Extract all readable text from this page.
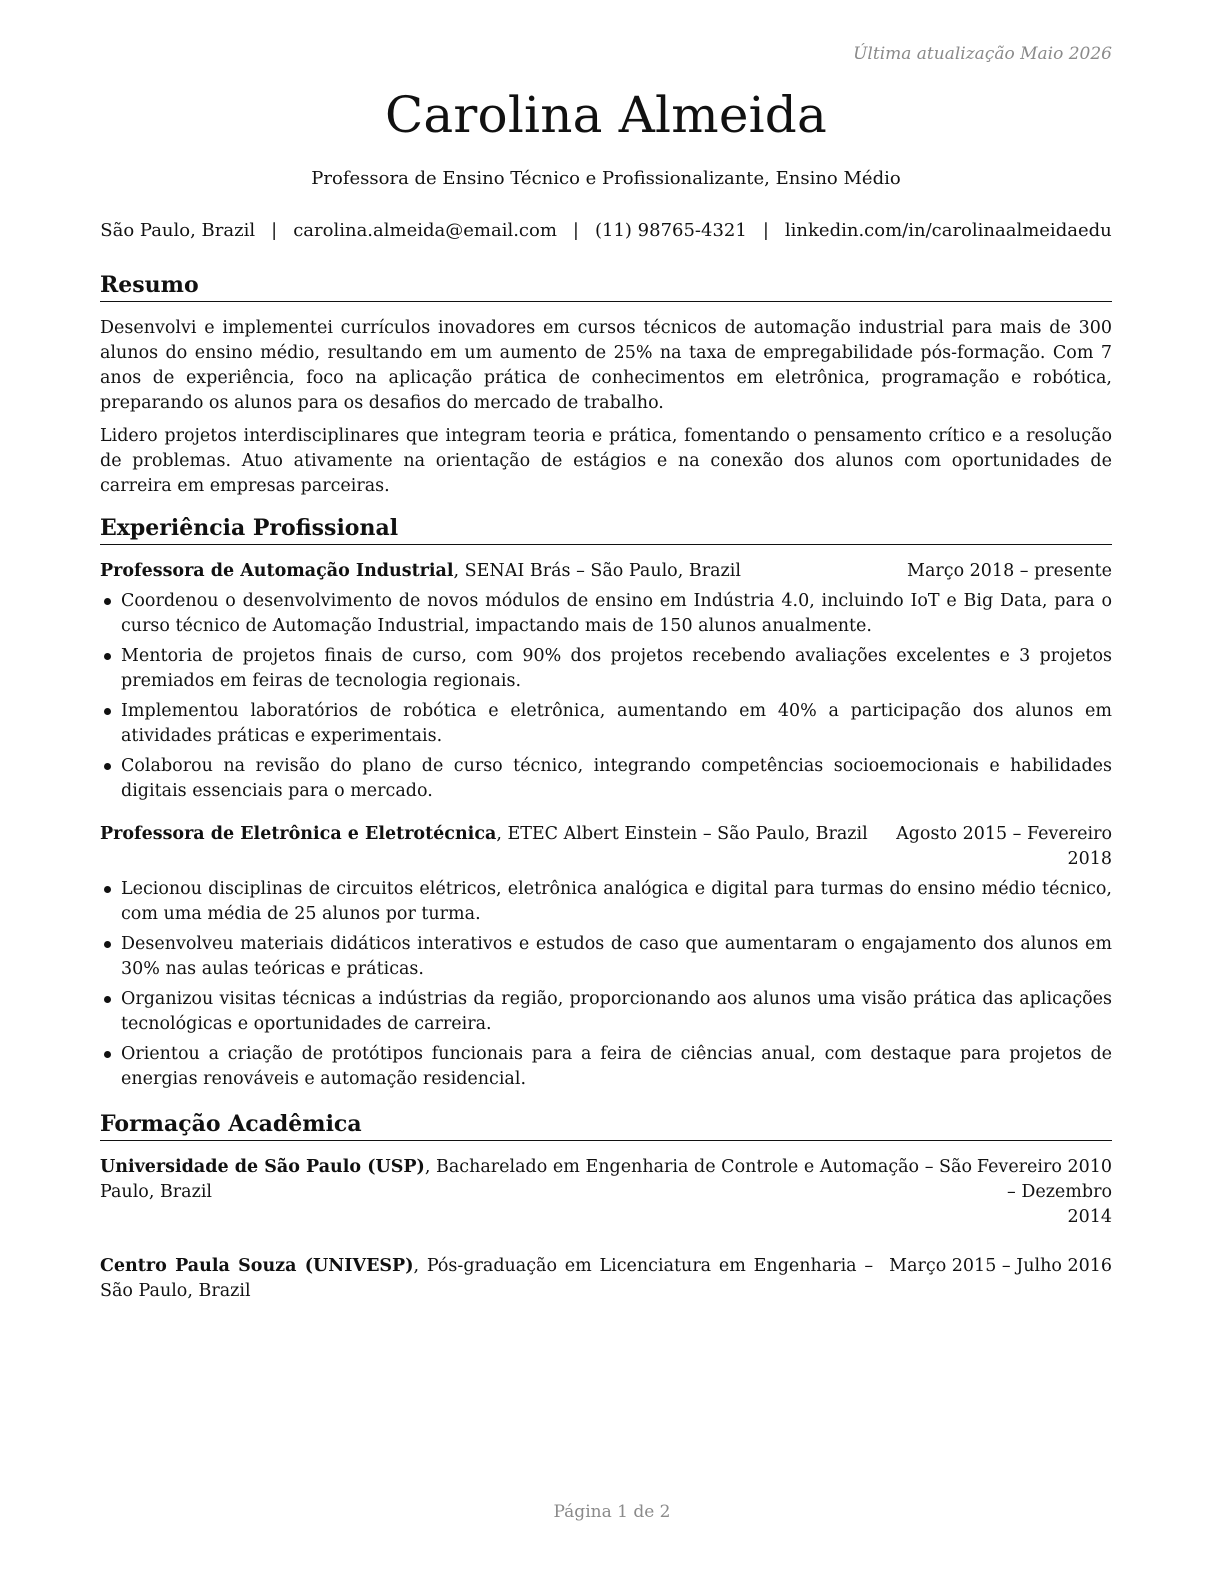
Última atualização Maio 2026
Carolina Almeida
Professora de Ensino Técnico e Profissionalizante, Ensino Médio
São Paulo, Brazil | carolina.almeida@email.com | (11) 98765-4321 | linkedin.com/in/carolinaalmeidaedu
Resumo

Desenvolvi e implementei currículos inovadores em cursos técnicos de automação industrial para mais de 300 alunos do ensino médio, resultando em um aumento de 25% na taxa de empregabilidade pós-formação. Com 7 anos de experiência, foco na aplicação prática de conhecimentos em eletrônica, programação e robótica, preparando os alunos para os desafios do mercado de trabalho.

Lidero projetos interdisciplinares que integram teoria e prática, fomentando o pensamento crítico e a resolução de problemas. Atuo ativamente na orientação de estágios e na conexão dos alunos com oportunidades de carreira em empresas parceiras.

Experiência Profissional
Professora de Automação Industrial, SENAI Brás – São Paulo, Brazil	Março 2018 – presente
Coordenou o desenvolvimento de novos módulos de ensino em Indústria 4.0, incluindo IoT e Big Data, para o curso técnico de Automação Industrial, impactando mais de 150 alunos anualmente.
Mentoria de projetos finais de curso, com 90% dos projetos recebendo avaliações excelentes e 3 projetos premiados em feiras de tecnologia regionais.
Implementou laboratórios de robótica e eletrônica, aumentando em 40% a participação dos alunos em atividades práticas e experimentais.
Colaborou na revisão do plano de curso técnico, integrando competências socioemocionais e habilidades digitais essenciais para o mercado.
Professora de Eletrônica e Eletrotécnica, ETEC Albert Einstein – São Paulo, Brazil	Agosto 2015 – Fevereiro 2018
Lecionou disciplinas de circuitos elétricos, eletrônica analógica e digital para turmas do ensino médio técnico, com uma média de 25 alunos por turma.
Desenvolveu materiais didáticos interativos e estudos de caso que aumentaram o engajamento dos alunos em 30% nas aulas teóricas e práticas.
Organizou visitas técnicas a indústrias da região, proporcionando aos alunos uma visão prática das aplicações tecnológicas e oportunidades de carreira.
Orientou a criação de protótipos funcionais para a feira de ciências anual, com destaque para projetos de energias renováveis e automação residencial.
Formação Acadêmica
Universidade de São Paulo (USP), Bacharelado em Engenharia de Controle e Automação – São Paulo, Brazil
Fevereiro 2010 – Dezembro 2014
Centro Paula Souza (UNIVESP), Pós-graduação em Licenciatura em Engenharia – São Paulo, Brazil
Março 2015 – Julho 2016
Página 1 de 2
